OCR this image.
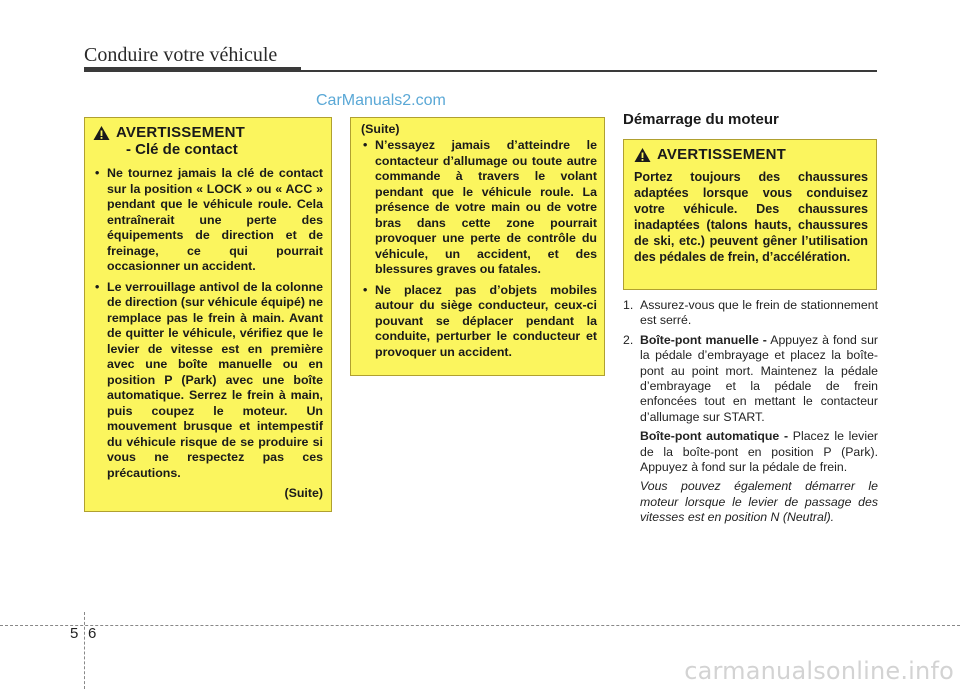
Conduire votre véhicule
CarManuals2.com
AVERTISSEMENT
- Clé de contact
• Ne tournez jamais la clé de contact sur la position « LOCK » ou « ACC » pendant que le véhicule roule. Cela entraînerait une perte des équipements de direction et de freinage, ce qui pourrait occasionner un accident.
• Le verrouillage antivol de la colonne de direction (sur véhicule équipé) ne remplace pas le frein à main. Avant de quitter le véhicule, vérifiez que le levier de vitesse est en première avec une boîte manuelle ou en position P (Park) avec une boîte automatique. Serrez le frein à main, puis coupez le moteur. Un mouvement brusque et intempestif du véhicule risque de se produire si vous ne respectez pas ces précautions.
(Suite)
(Suite)
• N’essayez jamais d’atteindre le contacteur d’allumage ou toute autre commande à travers le volant pendant que le véhicule roule. La présence de votre main ou de votre bras dans cette zone pourrait provoquer une perte de contrôle du véhicule, un accident, et des blessures graves ou fatales.
• Ne placez pas d’objets mobiles autour du siège conducteur, ceux-ci pouvant se déplacer pendant la conduite, perturber le conducteur et provoquer un accident.
Démarrage du moteur
AVERTISSEMENT
Portez toujours des chaussures adaptées lorsque vous conduisez votre véhicule. Des chaussures inadaptées (talons hauts, chaussures de ski, etc.) peuvent gêner l’utilisation des pédales de frein, d’accélération.
1. Assurez-vous que le frein de stationnement est serré.
2. Boîte-pont manuelle - Appuyez à fond sur la pédale d’embrayage et placez la boîte-pont au point mort. Maintenez la pédale d’embrayage et la pédale de frein enfoncées tout en mettant le contacteur d’allumage sur START.
Boîte-pont automatique - Placez le levier de la boîte-pont en position P (Park). Appuyez à fond sur la pédale de frein.
Vous pouvez également démarrer le moteur lorsque le levier de passage des vitesses est en position N (Neutral).
5 6
carmanualsonline.info
